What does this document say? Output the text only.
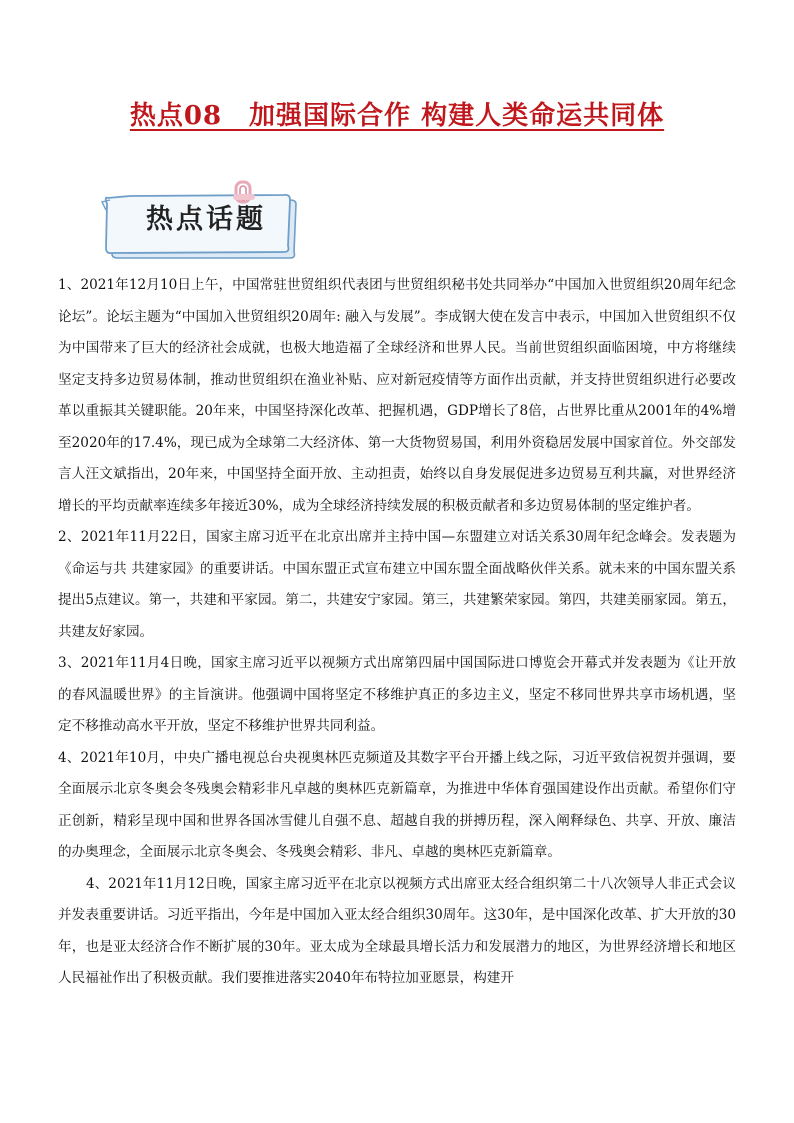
热点08　加强国际合作 构建人类命运共同体
热点话题

1、2021年12月10日上午，中国常驻世贸组织代表团与世贸组织秘书处共同举办“中国加入世贸组织20周年纪念论坛”。论坛主题为“中国加入世贸组织20周年: 融入与发展”。李成钢大使在发言中表示，中国加入世贸组织不仅为中国带来了巨大的经济社会成就，也极大地造福了全球经济和世界人民。当前世贸组织面临困境，中方将继续坚定支持多边贸易体制，推动世贸组织在渔业补贴、应对新冠疫情等方面作出贡献，并支持世贸组织进行必要改革以重振其关键职能。20年来，中国坚持深化改革、把握机遇，GDP增长了8倍，占世界比重从2001年的4%增至2020年的17.4%，现已成为全球第二大经济体、第一大货物贸易国，利用外资稳居发展中国家首位。外交部发言人汪文斌指出，20年来，中国坚持全面开放、主动担责，始终以自身发展促进多边贸易互利共赢，对世界经济增长的平均贡献率连续多年接近30%，成为全球经济持续发展的积极贡献者和多边贸易体制的坚定维护者。

2、2021年11月22日，国家主席习近平在北京出席并主持中国—东盟建立对话关系30周年纪念峰会。发表题为《命运与共 共建家园》的重要讲话。中国东盟正式宣布建立中国东盟全面战略伙伴关系。就未来的中国东盟关系提出5点建议。第一，共建和平家园。第二，共建安宁家园。第三，共建繁荣家园。第四，共建美丽家园。第五，共建友好家园。

3、2021年11月4日晚，国家主席习近平以视频方式出席第四届中国国际进口博览会开幕式并发表题为《让开放的春风温暖世界》的主旨演讲。他强调中国将坚定不移维护真正的多边主义，坚定不移同世界共享市场机遇，坚定不移推动高水平开放，坚定不移维护世界共同利益。

4、2021年10月，中央广播电视总台央视奥林匹克频道及其数字平台开播上线之际，习近平致信祝贺并强调，要全面展示北京冬奥会冬残奥会精彩非凡卓越的奥林匹克新篇章，为推进中华体育强国建设作出贡献。希望你们守正创新，精彩呈现中国和世界各国冰雪健儿自强不息、超越自我的拼搏历程，深入阐释绿色、共享、开放、廉洁的办奥理念，全面展示北京冬奥会、冬残奥会精彩、非凡、卓越的奥林匹克新篇章。

4、2021年11月12日晚，国家主席习近平在北京以视频方式出席亚太经合组织第二十八次领导人非正式会议并发表重要讲话。习近平指出，今年是中国加入亚太经合组织30周年。这30年，是中国深化改革、扩大开放的30年，也是亚太经济合作不断扩展的30年。亚太成为全球最具增长活力和发展潜力的地区，为世界经济增长和地区人民福祉作出了积极贡献。我们要推进落实2040年布特拉加亚愿景，构建开
